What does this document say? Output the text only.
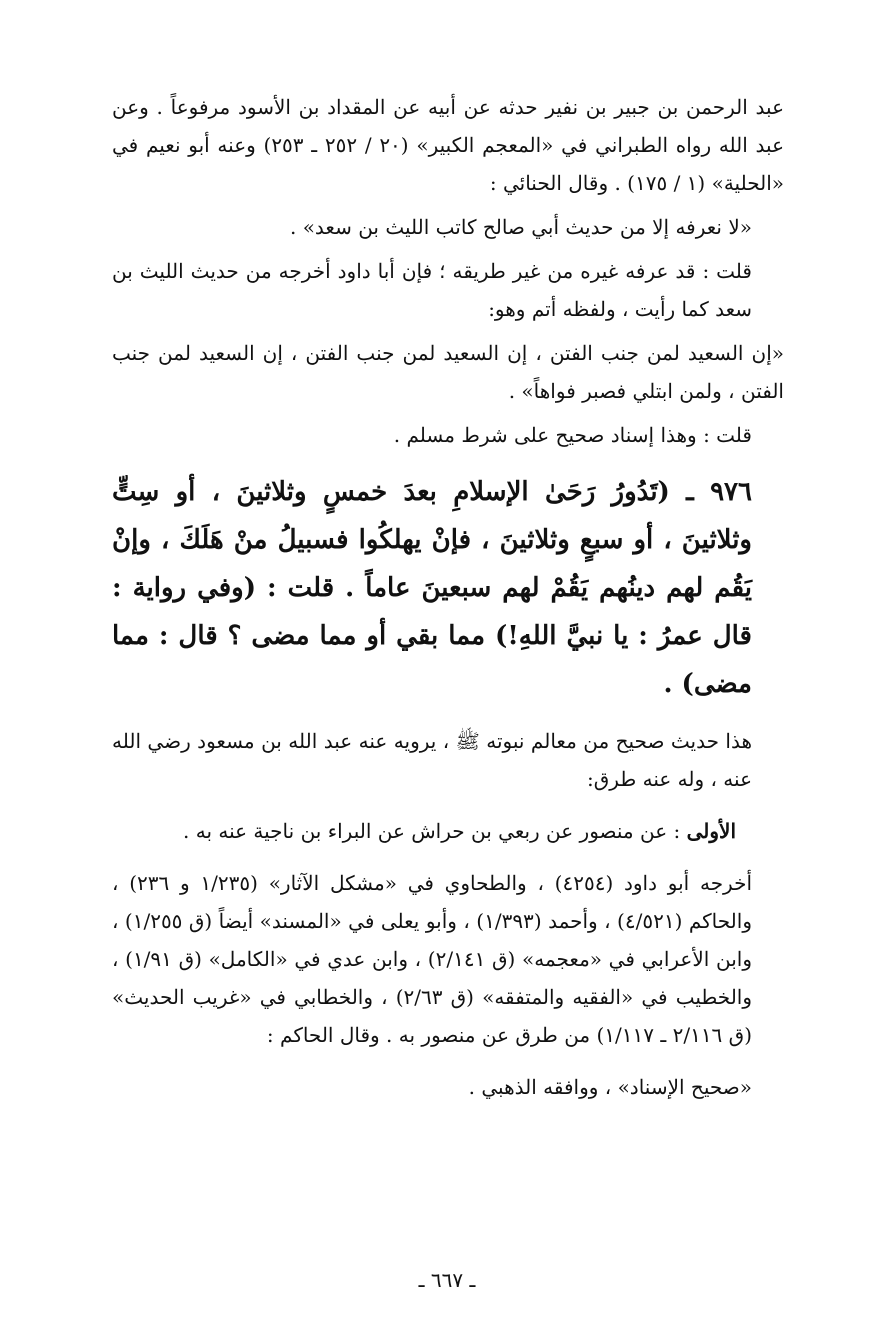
عبد الرحمن بن جبير بن نفير حدثه عن أبيه عن المقداد بن الأسود مرفوعاً . وعن عبد الله رواه الطبراني في «المعجم الكبير» (٢٠ / ٢٥٢ ـ ٢٥٣) وعنه أبو نعيم في «الحلية» (١ / ١٧٥) . وقال الحنائي :

«لا نعرفه إلا من حديث أبي صالح كاتب الليث بن سعد» .

قلت : قد عرفه غيره من غير طريقه ؛ فإن أبا داود أخرجه من حديث الليث بن سعد كما رأيت ، ولفظه أتم وهو:

«إن السعيد لمن جنب الفتن ، إن السعيد لمن جنب الفتن ، إن السعيد لمن جنب الفتن ، ولمن ابتلي فصبر فواهاً» .

قلت : وهذا إسناد صحيح على شرط مسلم .

٩٧٦ ـ (تَدُورُ رَحَىٰ الإسلامِ بعدَ خمسٍ وثلاثينَ ، أو سِتٍّ وثلاثينَ ، أو سبعٍ وثلاثينَ ، فإنْ يهلكُوا فسبيلُ منْ هَلَكَ ، وإنْ يَقُم لهم دينُهم يَقُمْ لهم سبعينَ عاماً . قلت : (وفي رواية : قال عمرُ : يا نبيَّ اللهِ!) مما بقي أو مما مضى ؟ قال : مما مضى) .

هذا حديث صحيح من معالم نبوته ﷺ ، يرويه عنه عبد الله بن مسعود رضي الله عنه ، وله عنه طرق:

الأولى : عن منصور عن ربعي بن حراش عن البراء بن ناجية عنه به .

أخرجه أبو داود (٤٢٥٤) ، والطحاوي في «مشكل الآثار» (١/٢٣٥ و ٢٣٦) ، والحاكم (٤/٥٢١) ، وأحمد (١/٣٩٣) ، وأبو يعلى في «المسند» أيضاً (ق ١/٢٥٥) ، وابن الأعرابي في «معجمه» (ق ٢/١٤١) ، وابن عدي في «الكامل» (ق ١/٩١) ، والخطيب في «الفقيه والمتفقه» (ق ٢/٦٣) ، والخطابي في «غريب الحديث» (ق ٢/١١٦ ـ ١/١١٧) من طرق عن منصور به . وقال الحاكم :

«صحيح الإسناد» ، ووافقه الذهبي .

ـ ٦٦٧ ـ
